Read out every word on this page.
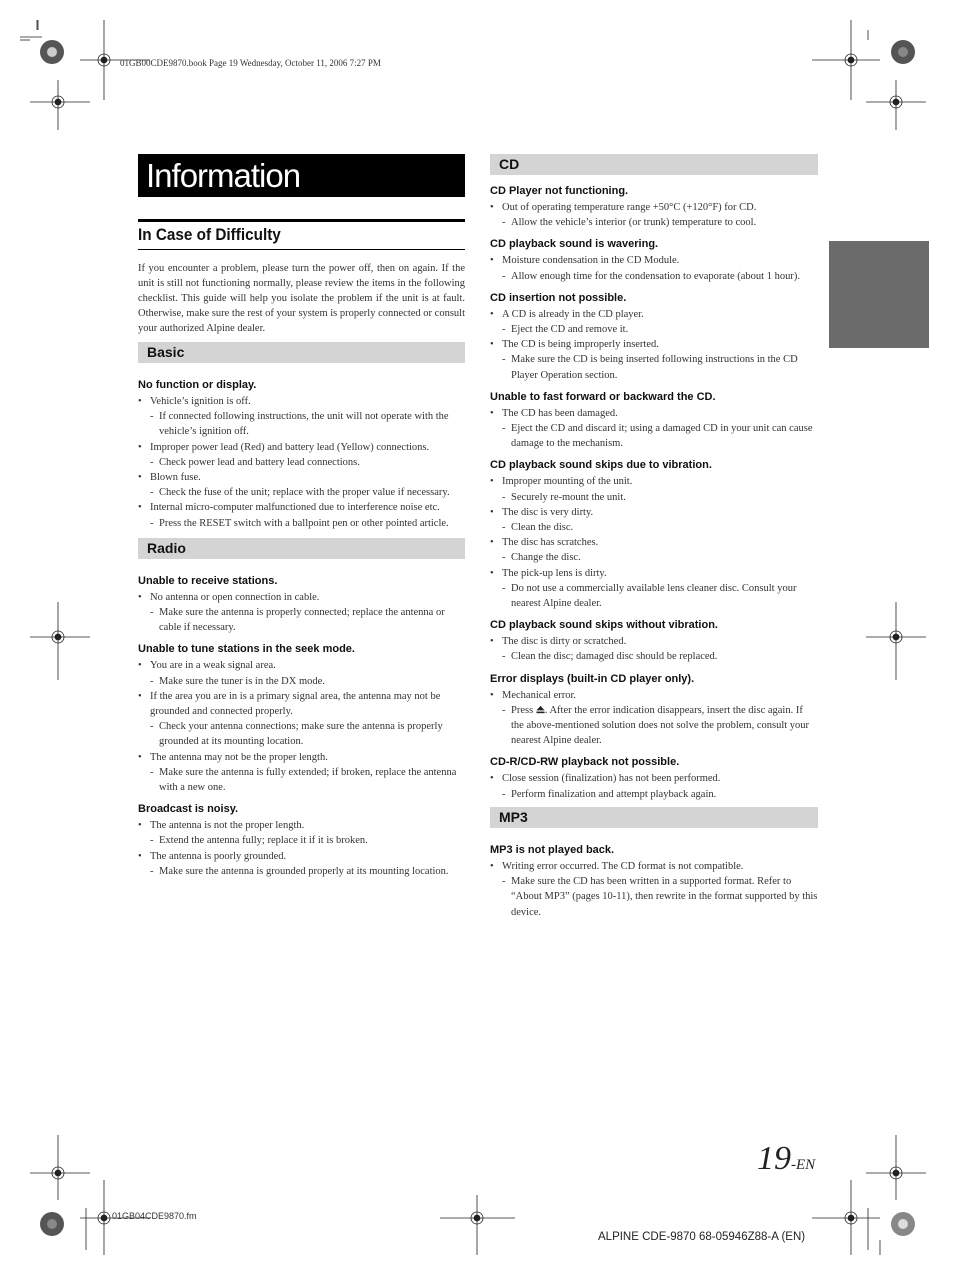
01GB00CDE9870.book Page 19 Wednesday, October 11, 2006 7:27 PM
Information
In Case of Difficulty
If you encounter a problem, please turn the power off, then on again. If the unit is still not functioning normally, please review the items in the following checklist. This guide will help you isolate the problem if the unit is at fault. Otherwise, make sure the rest of your system is properly connected or consult your authorized Alpine dealer.
Basic
No function or display.
• Vehicle’s ignition is off.
- If connected following instructions, the unit will not operate with the vehicle’s ignition off.
• Improper power lead (Red) and battery lead (Yellow) connections.
- Check power lead and battery lead connections.
• Blown fuse.
- Check the fuse of the unit; replace with the proper value if necessary.
• Internal micro-computer malfunctioned due to interference noise etc.
- Press the RESET switch with a ballpoint pen or other pointed article.
Radio
Unable to receive stations.
• No antenna or open connection in cable.
- Make sure the antenna is properly connected; replace the antenna or cable if necessary.
Unable to tune stations in the seek mode.
• You are in a weak signal area.
- Make sure the tuner is in the DX mode.
• If the area you are in is a primary signal area, the antenna may not be grounded and connected properly.
- Check your antenna connections; make sure the antenna is properly grounded at its mounting location.
• The antenna may not be the proper length.
- Make sure the antenna is fully extended; if broken, replace the antenna with a new one.
Broadcast is noisy.
• The antenna is not the proper length.
- Extend the antenna fully; replace it if it is broken.
• The antenna is poorly grounded.
- Make sure the antenna is grounded properly at its mounting location.
CD
CD Player not functioning.
• Out of operating temperature range +50°C (+120°F) for CD.
- Allow the vehicle’s interior (or trunk) temperature to cool.
CD playback sound is wavering.
• Moisture condensation in the CD Module.
- Allow enough time for the condensation to evaporate (about 1 hour).
CD insertion not possible.
• A CD is already in the CD player.
- Eject the CD and remove it.
• The CD is being improperly inserted.
- Make sure the CD is being inserted following instructions in the CD Player Operation section.
Unable to fast forward or backward the CD.
• The CD has been damaged.
- Eject the CD and discard it; using a damaged CD in your unit can cause damage to the mechanism.
CD playback sound skips due to vibration.
• Improper mounting of the unit.
- Securely re-mount the unit.
• The disc is very dirty.
- Clean the disc.
• The disc has scratches.
- Change the disc.
• The pick-up lens is dirty.
- Do not use a commercially available lens cleaner disc. Consult your nearest Alpine dealer.
CD playback sound skips without vibration.
• The disc is dirty or scratched.
- Clean the disc; damaged disc should be replaced.
Error displays (built-in CD player only).
• Mechanical error.
- Press . After the error indication disappears, insert the disc again. If the above-mentioned solution does not solve the problem, consult your nearest Alpine dealer.
CD-R/CD-RW playback not possible.
• Close session (finalization) has not been performed.
- Perform finalization and attempt playback again.
MP3
MP3 is not played back.
• Writing error occurred. The CD format is not compatible.
- Make sure the CD has been written in a supported format. Refer to “About MP3” (pages 10-11), then rewrite in the format supported by this device.
19-EN
01GB04CDE9870.fm
ALPINE CDE-9870 68-05946Z88-A (EN)
